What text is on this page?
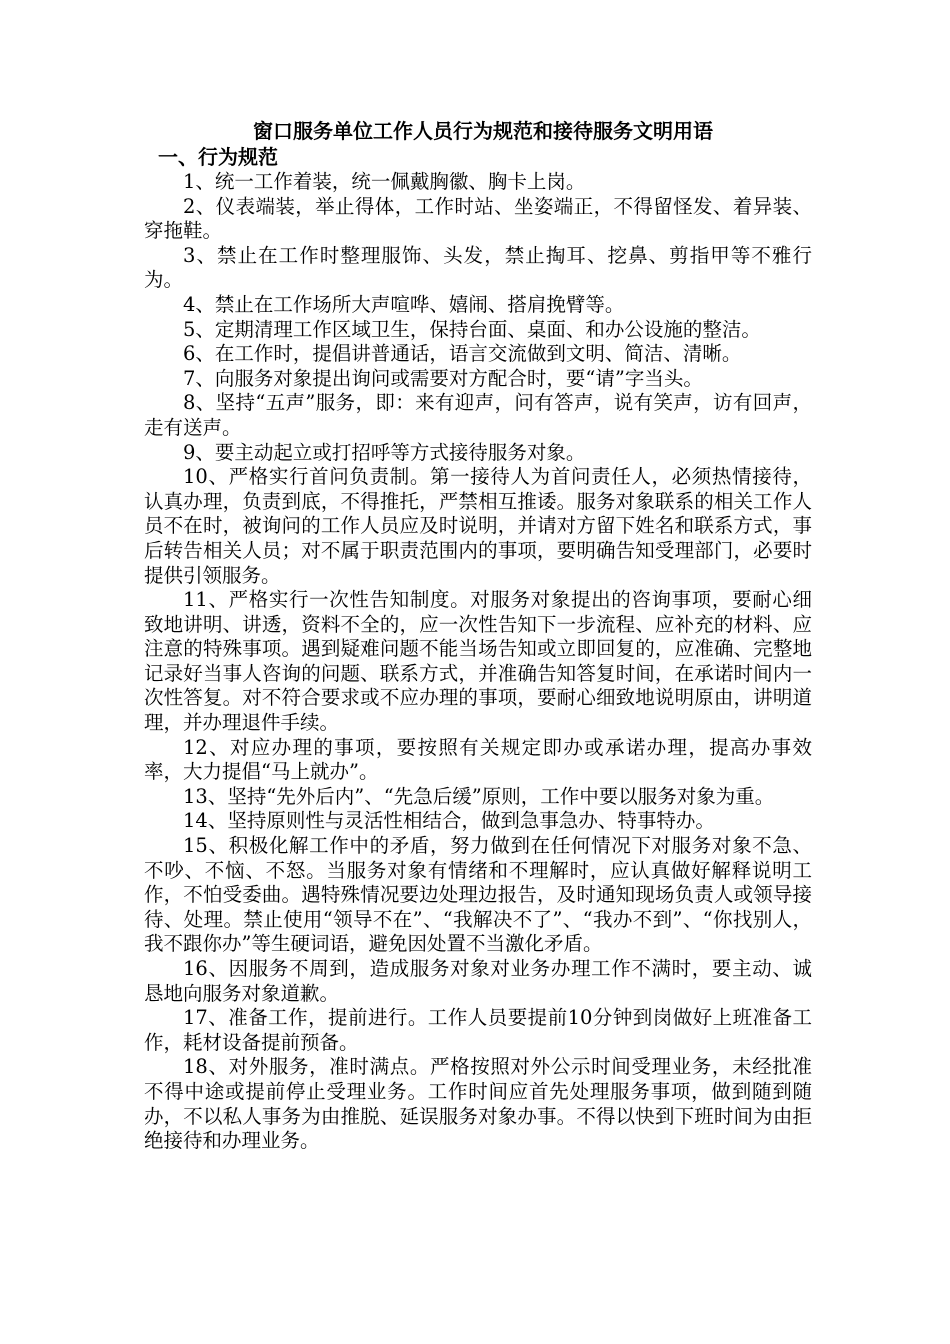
窗口服务单位工作人员行为规范和接待服务文明用语
一、行为规范

1、统一工作着装，统一佩戴胸徽、胸卡上岗。

2、仪表端装，举止得体，工作时站、坐姿端正，不得留怪发、着异装、穿拖鞋。

3、禁止在工作时整理服饰、头发，禁止掏耳、挖鼻、剪指甲等不雅行为。

4、禁止在工作场所大声喧哗、嬉闹、搭肩挽臂等。

5、定期清理工作区域卫生，保持台面、桌面、和办公设施的整洁。

6、在工作时，提倡讲普通话，语言交流做到文明、简洁、清晰。

7、向服务对象提出询问或需要对方配合时，要“请”字当头。

8、坚持“五声”服务，即：来有迎声，问有答声，说有笑声，访有回声，走有送声。

9、要主动起立或打招呼等方式接待服务对象。

10、严格实行首问负责制。第一接待人为首问责任人，必须热情接待，认真办理，负责到底，不得推托，严禁相互推诿。服务对象联系的相关工作人员不在时，被询问的工作人员应及时说明，并请对方留下姓名和联系方式，事后转告相关人员；对不属于职责范围内的事项，要明确告知受理部门，必要时提供引领服务。

11、严格实行一次性告知制度。对服务对象提出的咨询事项，要耐心细致地讲明、讲透，资料不全的，应一次性告知下一步流程、应补充的材料、应注意的特殊事项。遇到疑难问题不能当场告知或立即回复的，应准确、完整地记录好当事人咨询的问题、联系方式，并准确告知答复时间，在承诺时间内一次性答复。对不符合要求或不应办理的事项，要耐心细致地说明原由，讲明道理，并办理退件手续。

12、对应办理的事项，要按照有关规定即办或承诺办理，提高办事效率，大力提倡“马上就办”。

13、坚持“先外后内”、“先急后缓”原则，工作中要以服务对象为重。

14、坚持原则性与灵活性相结合，做到急事急办、特事特办。

15、积极化解工作中的矛盾，努力做到在任何情况下对服务对象不急、不吵、不恼、不怒。当服务对象有情绪和不理解时，应认真做好解释说明工作，不怕受委曲。遇特殊情况要边处理边报告，及时通知现场负责人或领导接待、处理。禁止使用“领导不在”、“我解决不了”、“我办不到”、“你找别人，我不跟你办”等生硬词语，避免因处置不当激化矛盾。

16、因服务不周到，造成服务对象对业务办理工作不满时，要主动、诚恳地向服务对象道歉。

17、准备工作，提前进行。工作人员要提前10分钟到岗做好上班准备工作，耗材设备提前预备。

18、对外服务，准时满点。严格按照对外公示时间受理业务，未经批准不得中途或提前停止受理业务。工作时间应首先处理服务事项，做到随到随办，不以私人事务为由推脱、延误服务对象办事。不得以快到下班时间为由拒绝接待和办理业务。
